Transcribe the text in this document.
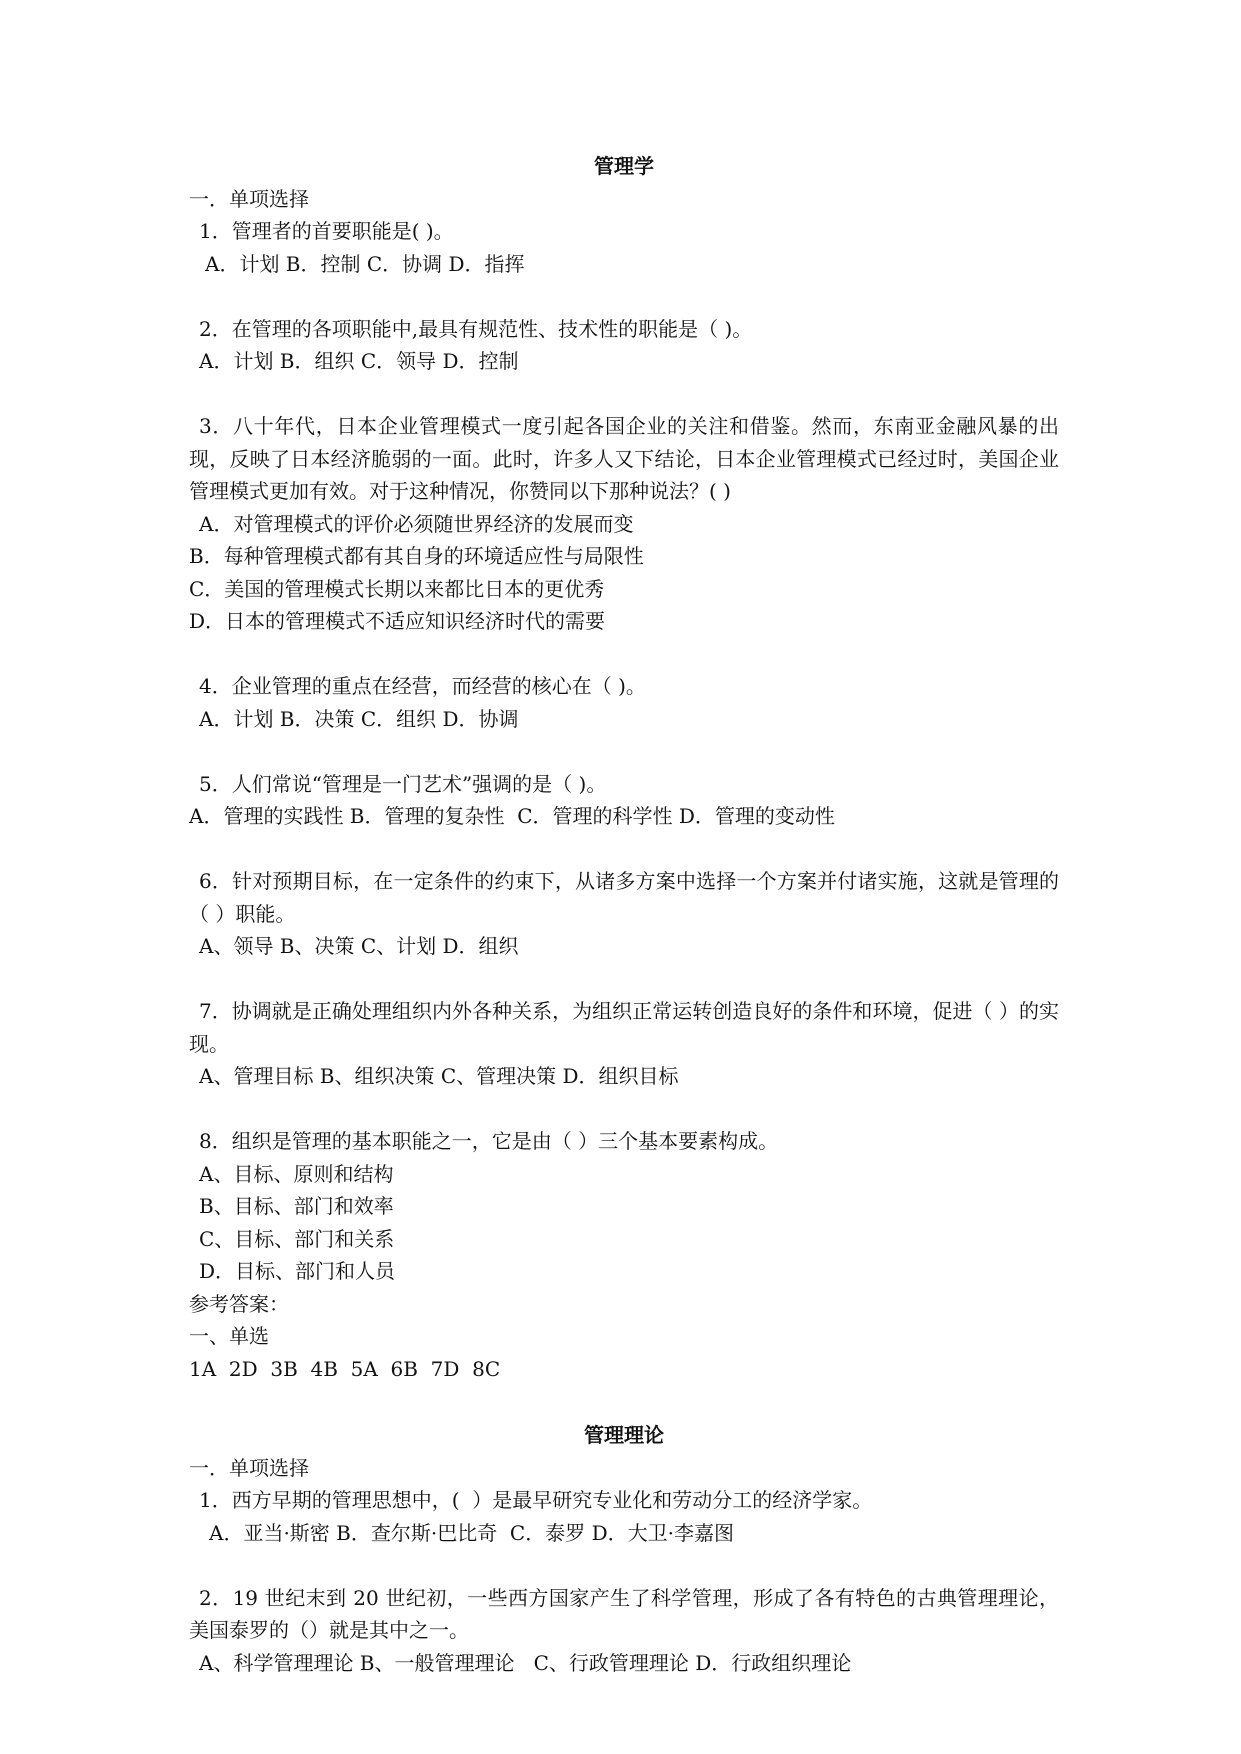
管理学

一．单项选择

1．管理者的首要职能是( )。

A．计划 B．控制 C．协调 D．指挥

2．在管理的各项职能中,最具有规范性、技术性的职能是（ )。

A．计划 B．组织 C．领导 D．控制

3．八十年代，日本企业管理模式一度引起各国企业的关注和借鉴。然而，东南亚金融风暴的出现，反映了日本经济脆弱的一面。此时，许多人又下结论，日本企业管理模式已经过时，美国企业管理模式更加有效。对于这种情况，你赞同以下那种说法？( )

A．对管理模式的评价必须随世界经济的发展而变

B．每种管理模式都有其自身的环境适应性与局限性

C．美国的管理模式长期以来都比日本的更优秀

D．日本的管理模式不适应知识经济时代的需要

4．企业管理的重点在经营，而经营的核心在（ )。

A．计划 B．决策 C．组织 D．协调

5．人们常说“管理是一门艺术”强调的是（ )。

A．管理的实践性 B．管理的复杂性  C．管理的科学性 D．管理的变动性

6．针对预期目标，在一定条件的约束下，从诸多方案中选择一个方案并付诸实施，这就是管理的（ ）职能。

A、领导 B、决策 C、计划 D．组织

7．协调就是正确处理组织内外各种关系，为组织正常运转创造良好的条件和环境，促进（ ）的实现。

A、管理目标 B、组织决策 C、管理决策 D．组织目标

8．组织是管理的基本职能之一，它是由（ ）三个基本要素构成。

A、目标、原则和结构

B、目标、部门和效率

C、目标、部门和关系

D．目标、部门和人员

参考答案：

一、单选

1A  2D  3B  4B  5A  6B  7D  8C

管理理论

一．单项选择

1．西方早期的管理思想中，(  ）是最早研究专业化和劳动分工的经济学家。

A．亚当·斯密 B．查尔斯·巴比奇  C．泰罗 D．大卫·李嘉图

2．19 世纪末到 20 世纪初，一些西方国家产生了科学管理，形成了各有特色的古典管理理论，美国泰罗的（）就是其中之一。

A、科学管理理论 B、一般管理理论   C、行政管理理论 D．行政组织理论
